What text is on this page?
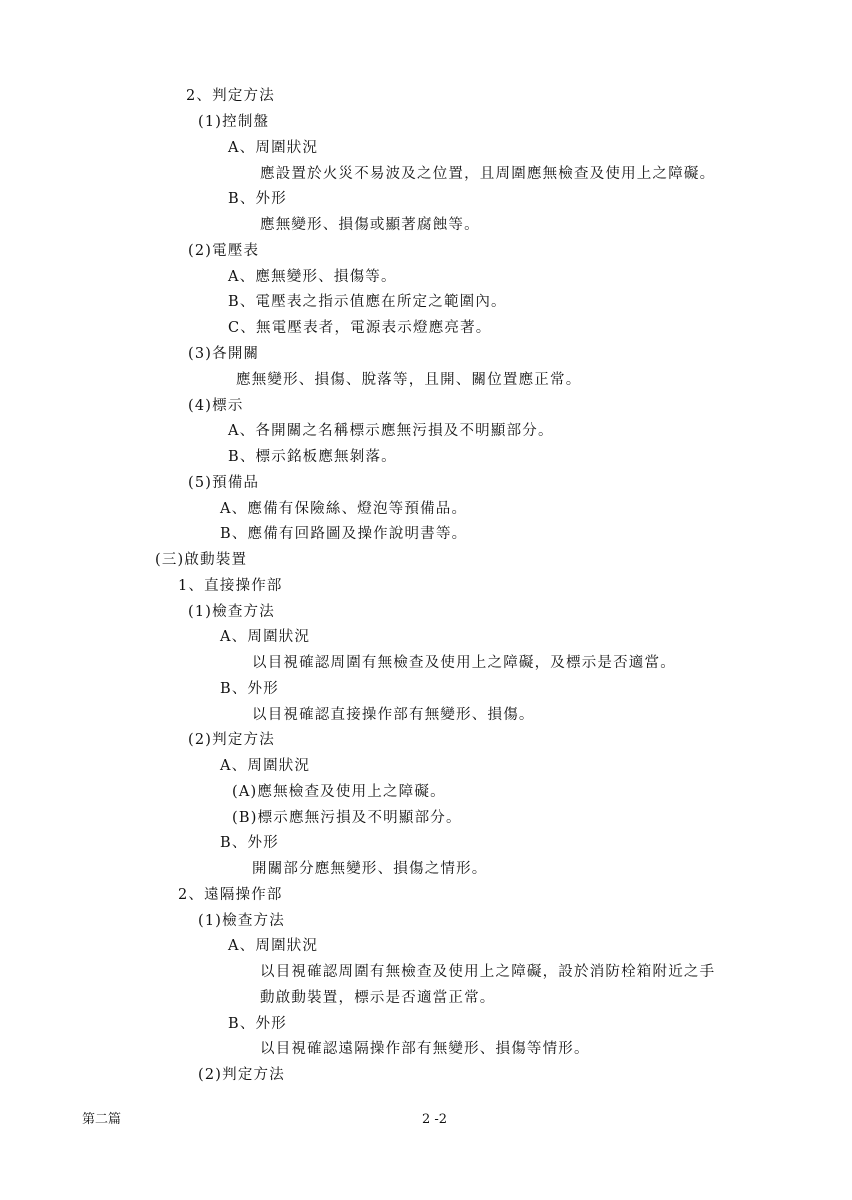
2、判定方法
(1)控制盤
A、周圍狀況
應設置於火災不易波及之位置，且周圍應無檢查及使用上之障礙。
B、外形
應無變形、損傷或顯著腐蝕等。
(2)電壓表
A、應無變形、損傷等。
B、電壓表之指示值應在所定之範圍內。
C、無電壓表者，電源表示燈應亮著。
(3)各開關
應無變形、損傷、脫落等，且開、關位置應正常。
(4)標示
A、各開關之名稱標示應無污損及不明顯部分。
B、標示銘板應無剝落。
(5)預備品
A、應備有保險絲、燈泡等預備品。
B、應備有回路圖及操作說明書等。
(三)啟動裝置
1、直接操作部
(1)檢查方法
A、周圍狀況
以目視確認周圍有無檢查及使用上之障礙，及標示是否適當。
B、外形
以目視確認直接操作部有無變形、損傷。
(2)判定方法
A、周圍狀況
(A)應無檢查及使用上之障礙。
(B)標示應無污損及不明顯部分。
B、外形
開關部分應無變形、損傷之情形。
2、遠隔操作部
(1)檢查方法
A、周圍狀況
以目視確認周圍有無檢查及使用上之障礙，設於消防栓箱附近之手
動啟動裝置，標示是否適當正常。
B、外形
以目視確認遠隔操作部有無變形、損傷等情形。
(2)判定方法
第二篇	2 -2
